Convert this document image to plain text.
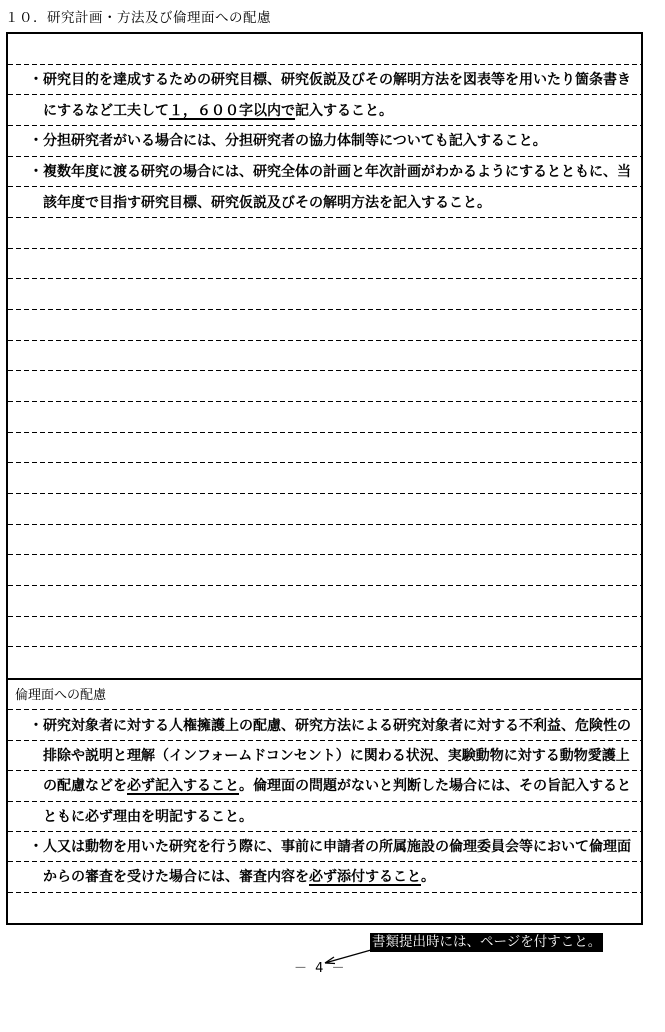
１０．研究計画・方法及び倫理面への配慮
・研究目的を達成するための研究目標、研究仮説及びその解明方法を図表等を用いたり箇条書き
にするなど工夫して １，６００字以内で 記入すること。
・分担研究者がいる場合には、分担研究者の協力体制等についても記入すること。
・複数年度に渡る研究の場合には、研究全体の計画と年次計画がわかるようにするとともに、当
該年度で目指す研究目標、研究仮説及びその解明方法を記入すること。
倫理面への配慮
・研究対象者に対する人権擁護上の配慮、研究方法による研究対象者に対する不利益、危険性の
排除や説明と理解（インフォームドコンセント）に関わる状況、実験動物に対する動物愛護上
の配慮などを 必ず記入すること 。倫理面の問題がないと判断した場合には、その旨記入すると
ともに必ず理由を明記すること。
・人又は動物を用いた研究を行う際に、事前に申請者の所属施設の倫理委員会等において倫理面
からの審査を受けた場合には、審査内容を 必ず添付すること 。
書類提出時には、ページを付すこと。
－ 4 －
